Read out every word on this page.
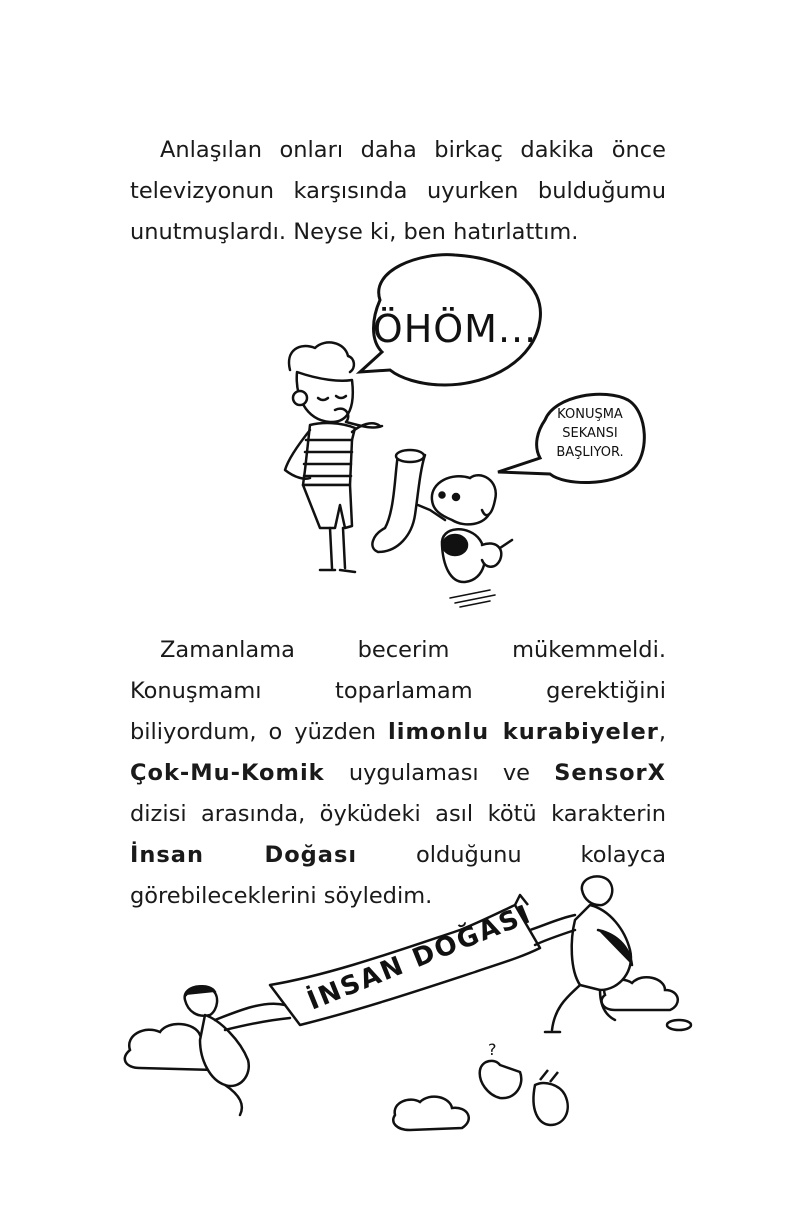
Anlaşılan onları daha birkaç dakika önce televizyonun karşısında uyurken bulduğumu unutmuşlardı. Neyse ki, ben hatırlattım.
ÖHÖM...
KONUŞMA
SEKANSI
BAŞLIYOR.
Zamanlama becerim mükemmeldi. Konuşmamı toparlamam gerektiğini biliyordum, o yüzden limonlu kurabiyeler, Çok-Mu-Komik uygulaması ve SensorX dizisi arasında, öyküdeki asıl kötü karakterin İnsan Doğası olduğunu kolayca görebileceklerini söyledim.
İNSAN DOĞASI
?
